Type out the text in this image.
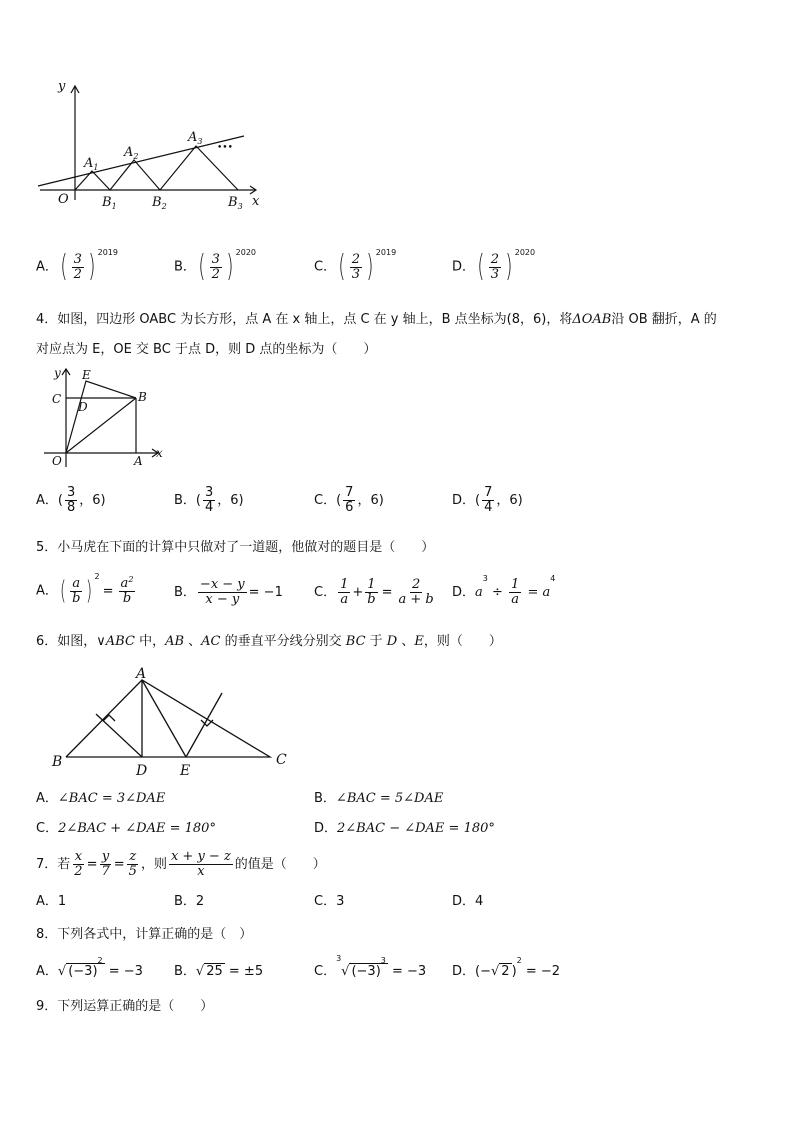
y
x
O
$A_1$
$A_2$
$A_3$
$B_1$	$B_2$	$B_3$
•••
A． ( $\frac{3}{2}$ ) $^{2019}$
B． ( $\frac{3}{2}$ ) $^{2020}$
C． ( $\frac{2}{3}$ ) $^{2019}$
D． ( $\frac{2}{3}$ ) $^{2020}$
4．如图，四边形 OABC 为长方形，点 A 在 x 轴上，点 C 在 y 轴上，B 点坐标为(8，6)，将ΔOAB沿 OB 翻折，A 的
对应点为 E，OE 交 BC 于点 D，则 D 点的坐标为（　　）
y
x
O	A
B
C
D
E
A．( $\frac{3}{8}$ ，6)	B．( $\frac{3}{4}$ ，6)	C．( $\frac{7}{6}$ ，6)	D．( $\frac{7}{4}$ ，6)
5．小马虎在下面的计算中只做对了一道题，他做对的题目是（　　）
A． ( $\frac{a}{b}$ ) $^2= \frac{a^2}{b}$	B． $\frac{-x - y}{x - y} = -1$ C． $\frac{1}{a} + \frac{1}{b} = \frac{2}{a + b}$ D．$a^3 \div \frac{1}{a} = a^4$
6．如图，∨ABC 中，AB 、AC 的垂直平分线分别交 BC 于 D 、E，则（　　）
A
B	C
D E
A．∠BAC = 3∠DAE	B．∠BAC = 5∠DAE
C．2∠BAC + ∠DAE = 180°	D．2∠BAC − ∠DAE = 180°
7．若 $\frac{x}{2} = \frac{y}{7} = \frac{z}{5}$ ，则 $\frac{x + y - z}{x}$ 的值是（　　）
A．1	B．2	C．3	D．4
8．下列各式中，计算正确的是（　）
A．√ $(-3)^2 = -3$ B．√ 25 = ±5	C．$^3$√ $(-3)^3 = -3$ D．(−√ 2 )$^2$ = −2
9．下列运算正确的是（　　）
